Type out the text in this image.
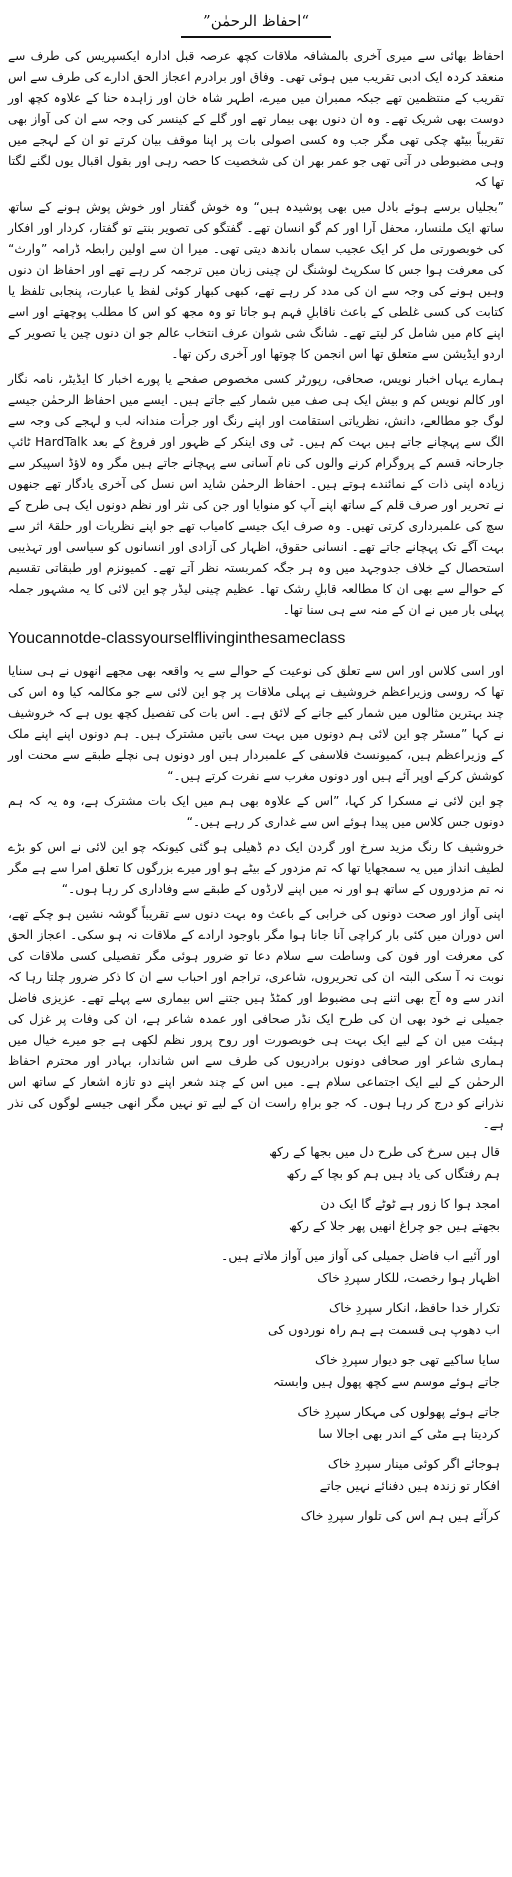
”احفاظ الرحمٰن“

احفاظ بھائی سے میری آخری بالمشافہ ملاقات کچھ عرصہ قبل ادارہ ایکسپریس کی طرف سے منعقد کردہ ایک ادبی تقریب میں ہوئی تھی۔ وفاق اور برادرم اعجاز الحق ادارے کی طرف سے اس تقریب کے منتظمین تھے جبکہ ممبران میں میرے، اطہر شاہ خان اور زاہدہ حنا کے علاوہ کچھ اور دوست بھی شریک تھے۔ وہ ان دنوں بھی بیمار تھے اور گلے کے کینسر کی وجہ سے ان کی آواز بھی تقریباً بیٹھ چکی تھی مگر جب وہ کسی اصولی بات پر اپنا موقف بیان کرتے تو ان کے لہجے میں وہی مضبوطی در آتی تھی جو عمر بھر ان کی شخصیت کا حصہ رہی اور بقول اقبال یوں لگنے لگتا تھا کہ

”بجلیاں برسے ہوئے بادل میں بھی پوشیدہ ہیں“ وہ خوش گفتار اور خوش پوش ہونے کے ساتھ ساتھ ایک ملنسار، محفل آرا اور کم گو انسان تھے۔ گفتگو کی تصویر بنتے تو گفتار، کردار اور افکار کی خوبصورتی مل کر ایک عجیب سماں باندھ دیتی تھی۔ میرا ان سے اولین رابطہ ڈرامہ ”وارث“ کی معرفت ہوا جس کا سکرپٹ لوشنگ لن چینی زبان میں ترجمہ کر رہے تھے اور احفاظ ان دنوں وہیں ہونے کی وجہ سے ان کی مدد کر رہے تھے، کبھی کبھار کوئی لفظ یا عبارت، پنجابی تلفظ یا کتابت کی کسی غلطی کے باعث ناقابلِ فہم ہو جاتا تو وہ مجھ کو اس کا مطلب پوچھتے اور اسے اپنے کام میں شامل کر لیتے تھے۔ شانگ شی شوان عرف انتخاب عالم جو ان دنوں چین یا تصویر کے اردو ایڈیشن سے متعلق تھا اس انجمن کا چوتھا اور آخری رکن تھا۔

ہمارے یہاں اخبار نویس، صحافی، رپورٹر کسی مخصوص صفحے یا پورے اخبار کا ایڈیٹر، نامہ نگار اور کالم نویس کم و بیش ایک ہی صف میں شمار کیے جاتے ہیں۔ ایسے میں احفاظ الرحمٰن جیسے لوگ جو مطالعے، دانش، نظریاتی استقامت اور اپنے رنگ اور جرأت مندانہ لب و لہجے کی وجہ سے الگ سے پہچانے جاتے ہیں بہت کم ہیں۔ ٹی وی اینکر کے ظہور اور فروغ کے بعد HardTalk ٹائپ جارحانہ قسم کے پروگرام کرنے والوں کی نام آسانی سے پہچانے جاتے ہیں مگر وہ لاؤڈ اسپیکر سے زیادہ اپنی ذات کے نمائندے ہوتے ہیں۔ احفاظ الرحمٰن شاید اس نسل کی آخری یادگار تھے جنھوں نے تحریر اور صرف قلم کے ساتھ اپنے آپ کو منوایا اور جن کی نثر اور نظم دونوں ایک ہی طرح کے سچ کی علمبرداری کرتی تھیں۔ وہ صرف ایک جیسے کامیاب تھے جو اپنے نظریات اور حلقۂ اثر سے بہت آگے تک پہچانے جاتے تھے۔ انسانی حقوق، اظہار کی آزادی اور انسانوں کو سیاسی اور تہذیبی استحصال کے خلاف جدوجہد میں وہ ہر جگہ کمربستہ نظر آتے تھے۔ کمیونزم اور طبقاتی تقسیم کے حوالے سے بھی ان کا مطالعہ قابلِ رشک تھا۔ عظیم چینی لیڈر چو این لائی کا یہ مشہور جملہ پہلی بار میں نے ان کے منہ سے ہی سنا تھا۔

Youcannotde-classyourselflivinginthesameclass

اور اسی کلاس اور اس سے تعلق کی نوعیت کے حوالے سے یہ واقعہ بھی مجھے انھوں نے ہی سنایا تھا کہ روسی وزیراعظم خروشیف نے پہلی ملاقات پر چو این لائی سے جو مکالمہ کیا وہ اس کی چند بہترین مثالوں میں شمار کیے جانے کے لائق ہے۔ اس بات کی تفصیل کچھ یوں ہے کہ خروشیف نے کہا ”مسٹر چو این لائی ہم دونوں میں بہت سی باتیں مشترک ہیں۔ ہم دونوں اپنے اپنے ملک کے وزیراعظم ہیں، کمیونسٹ فلاسفی کے علمبردار ہیں اور دونوں ہی نچلے طبقے سے محنت اور کوشش کرکے اوپر آئے ہیں اور دونوں مغرب سے نفرت کرتے ہیں۔“

چو این لائی نے مسکرا کر کہا، ”اس کے علاوہ بھی ہم میں ایک بات مشترک ہے، وہ یہ کہ ہم دونوں جس کلاس میں پیدا ہوئے اس سے غداری کر رہے ہیں۔“

خروشیف کا رنگ مزید سرخ اور گردن ایک دم ڈھیلی ہو گئی کیونکہ چو این لائی نے اس کو بڑے لطیف انداز میں یہ سمجھایا تھا کہ تم مزدور کے بیٹے ہو اور میرے بزرگوں کا تعلق امرا سے ہے مگر نہ تم مزدوروں کے ساتھ ہو اور نہ میں اپنے لارڈوں کے طبقے سے وفاداری کر رہا ہوں۔“

اپنی آواز اور صحت دونوں کی خرابی کے باعث وہ بہت دنوں سے تقریباً گوشہ نشین ہو چکے تھے، اس دوران میں کئی بار کراچی آنا جانا ہوا مگر باوجود ارادے کے ملاقات نہ ہو سکی۔ اعجاز الحق کی معرفت اور فون کی وساطت سے سلام دعا تو ضرور ہوئی مگر تفصیلی کسی ملاقات کی نوبت نہ آ سکی البتہ ان کی تحریروں، شاعری، تراجم اور احباب سے ان کا ذکر ضرور چلتا رہا کہ اندر سے وہ آج بھی اتنے ہی مضبوط اور کمٹڈ ہیں جتنے اس بیماری سے پہلے تھے۔ عزیزی فاضل جمیلی نے خود بھی ان کی طرح ایک نڈر صحافی اور عمدہ شاعر ہے، ان کی وفات پر غزل کی ہیئت میں ان کے لیے ایک بہت ہی خوبصورت اور روح پرور نظم لکھی ہے جو میرے خیال میں ہماری شاعر اور صحافی دونوں برادریوں کی طرف سے اس شاندار، بہادر اور محترم احفاظ الرحمٰن کے لیے ایک اجتماعی سلام ہے۔ میں اس کے چند شعر اپنے دو تازہ اشعار کے ساتھ اس نذرانے کو درج کر رہا ہوں۔ کہ جو براہِ راست ان کے لیے تو نہیں مگر انھی جیسے لوگوں کی نذر ہے۔

قال ہیں سرخ کی طرح دل میں بجھا کے رکھ
ہم رفتگاں کی یاد ہیں ہم کو بچا کے رکھ
امجد ہوا کا زور ہے ٹوٹے گا ایک دن
بجھتے ہیں جو چراغ انھیں پھر جلا کے رکھ
اور آئیے اب فاضل جمیلی کی آواز میں آواز ملاتے ہیں۔
اظہار ہوا رخصت، للکار سپردِ خاک
تکرار خدا حافظ، انکار سپردِ خاک
اب دھوپ ہی قسمت ہے ہم راہ نوردوں کی
سایا ساکیے تھی جو دیوار سپردِ خاک
جاتے ہوئے موسم سے کچھ پھول ہیں وابستہ
جاتے ہوئے پھولوں کی مہکار سپردِ خاک
کردیتا ہے مٹی کے اندر بھی اجالا سا
ہوجائے اگر کوئی مینار سپردِ خاک
افکار تو زندہ ہیں دفنائے نہیں جاتے
کرآئے ہیں ہم اس کی تلوار سپردِ خاک
